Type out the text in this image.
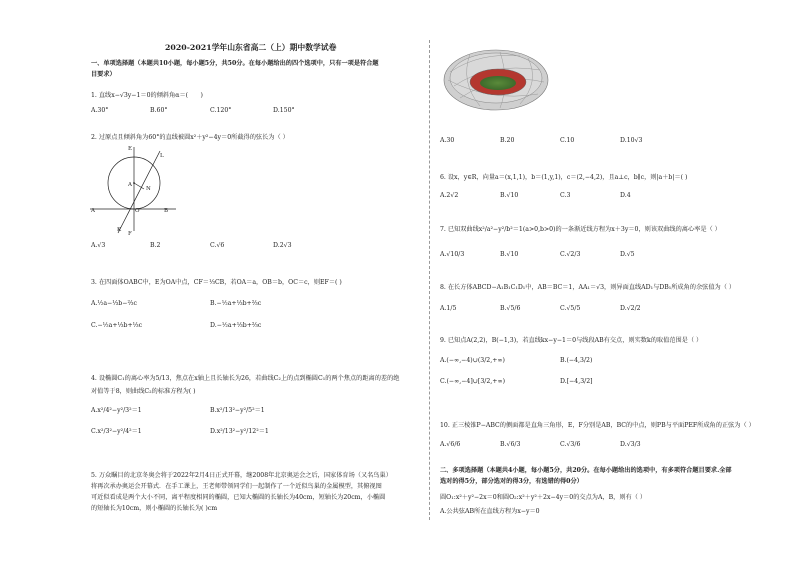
2020-2021学年山东省高二（上）期中数学试卷
一、单项选择题（本题共10小题，每小题5分，共50分。在每小题给出的四个选项中，只有一项是符合题
目要求）
1. 直线x−√3y−1＝0的倾斜角α＝(　　)
A.30°	B.60°	C.120°	D.150°
2. 过原点且倾斜角为60°的直线被圆x²＋y²−4y＝0所截得的弦长为（ ）
E
L
A
N
A	O	B
K
F
A.√3	B.2	C.√6	D.2√3
3. 在四面体OABC中，E为OA中点，CF＝⅓CB，若OA＝a，OB＝b，OC＝c，则EF＝( )
A.½a−⅓b−⅔c	B.−½a+⅓b+⅔c
C.−½a+⅓b+⅓c	D.−½a+⅓b+⅔c
4. 设椭圆C₁的离心率为5/13，焦点在x轴上且长轴长为26，若曲线C₂上的点到椭圆C₁的两个焦点的距离的差的绝
对值等于8，则曲线C₂的标准方程为( )
A.x²/4²−y²/3²＝1	B.x²/13²−y²/5²＝1
C.x²/3²−y²/4²＝1	D.x²/13²−y²/12²＝1
5. 万众瞩目的北京冬奥会将于2022年2月4日正式开幕，继2008年北京奥运会之后，国家体育场（又名鸟巢）
将再次承办奥运会开幕式．在手工课上，王老师带领同学们一起制作了一个近似鸟巢的金属模型，其俯视图
可近似看成是两个大小不同，离平程度相同的椭圆，已知大椭圆的长轴长为40cm，短轴长为20cm，小椭圆
的短轴长为10cm，则小椭圆的长轴长为( )cm
A.30	B.20	C.10	D.10√3
6. 设x，y∈R，向量a＝(x,1,1)，b＝(1,y,1)，c＝(2,−4,2)，且a⊥c，b∥c，则|a＋b|＝( )
A.2√2	B.√10	C.3	D.4
7. 已知双曲线x²/a²−y²/b²＝1(a>0,b>0)的一条渐近线方程为x＋3y＝0，则该双曲线的离心率是（ ）
A.√10/3	B.√10	C.√2/3	D.√5
8. 在长方体ABCD−A₁B₁C₁D₁中，AB＝BC＝1，AA₁＝√3，则异面直线AD₁与DB₁所成角的余弦值为（ ）
A.1/5	B.√5/6	C.√5/5	D.√2/2
9. 已知点A(2,2)，B(−1,3)，若直线kx−y−1＝0与线段AB有交点，则实数k的取值范围是（ ）
A.(−∞,−4)∪(3/2,+∞)	B.(−4,3/2)
C.(−∞,−4]∪[3/2,+∞)	D.[−4,3/2]
10. 正三棱锥P−ABC的侧面都是直角三角形，E，F分别是AB，BC的中点，则PB与平面PEF所成角的正弦为（ ）
A.√6/6	B.√6/3	C.√3/6	D.√3/3
二、多项选择题（本题共4小题，每小题5分，共20分。在每小题给出的选项中，有多项符合题目要求.全部
选对的得5分，部分选对的得3分，有选错的得0分）
圆O₁:x²＋y²−2x＝0和圆O₂:x²＋y²＋2x−4y＝0的交点为A，B，则有（ ）
A.公共弦AB所在直线方程为x−y＝0
